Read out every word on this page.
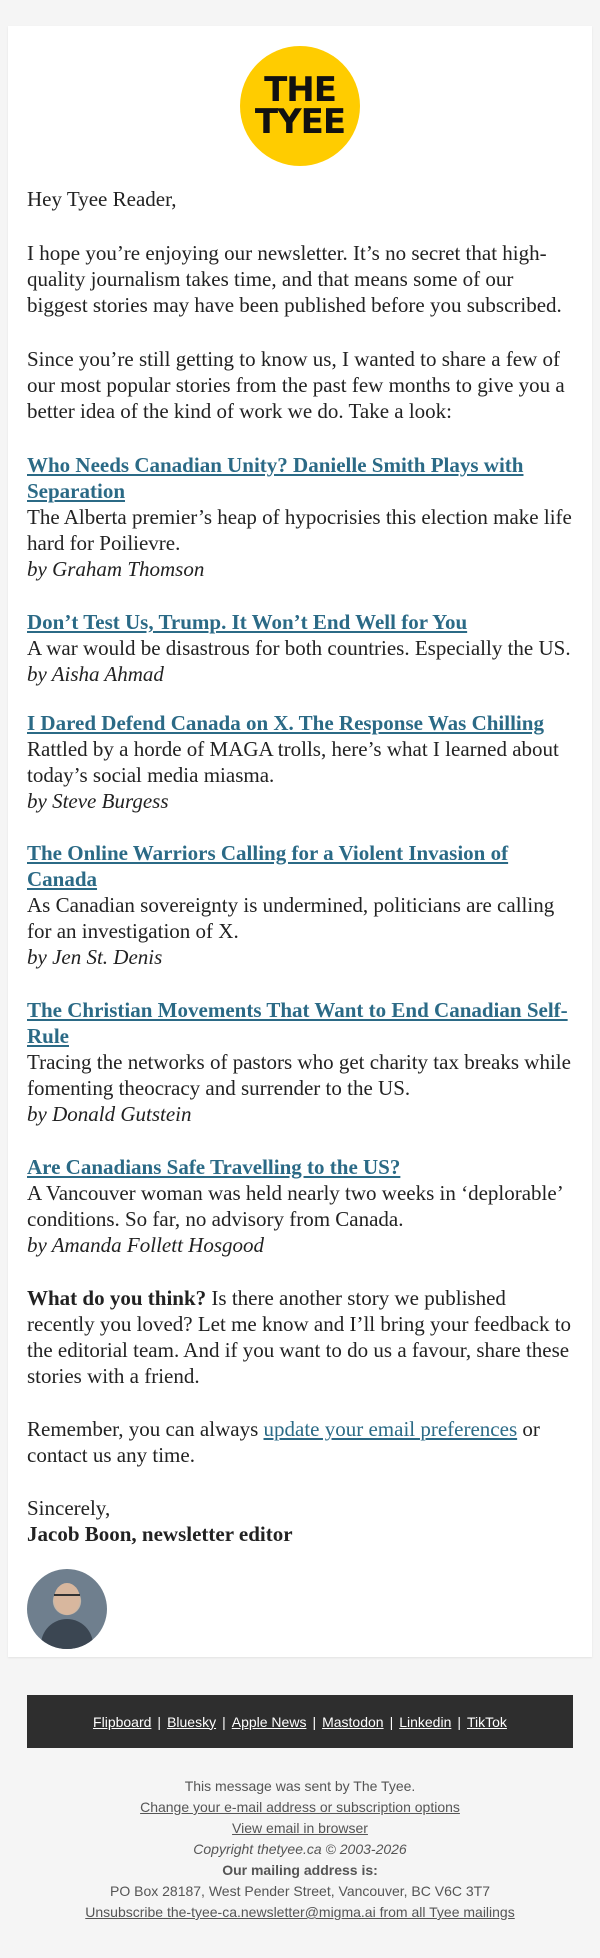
THE
TYEE

Hey Tyee Reader,

I hope you’re enjoying our newsletter. It’s no secret that high-quality journalism takes time, and that means some of our biggest stories may have been published before you subscribed.

Since you’re still getting to know us, I wanted to share a few of our most popular stories from the past few months to give you a better idea of the kind of work we do. Take a look:

Who Needs Canadian Unity? Danielle Smith Plays with Separation
The Alberta premier’s heap of hypocrisies this election make life hard for Poilievre.
by Graham Thomson
Don’t Test Us, Trump. It Won’t End Well for You
A war would be disastrous for both countries. Especially the US.
by Aisha Ahmad
I Dared Defend Canada on X. The Response Was Chilling
Rattled by a horde of MAGA trolls, here’s what I learned about today’s social media miasma.
by Steve Burgess
The Online Warriors Calling for a Violent Invasion of Canada
As Canadian sovereignty is undermined, politicians are calling for an investigation of X.
by Jen St. Denis
The Christian Movements That Want to End Canadian Self-Rule
Tracing the networks of pastors who get charity tax breaks while fomenting theocracy and surrender to the US.
by Donald Gutstein
Are Canadians Safe Travelling to the US?
A Vancouver woman was held nearly two weeks in ‘deplorable’ conditions. So far, no advisory from Canada.
by Amanda Follett Hosgood

What do you think? Is there another story we published recently you loved? Let me know and I’ll bring your feedback to the editorial team. And if you want to do us a favour, share these stories with a friend.

Remember, you can always update your email preferences or contact us any time.

Sincerely,

Jacob Boon, newsletter editor

Flipboard | Bluesky | Apple News | Mastodon | Linkedin | TikTok
This message was sent by The Tyee.
Change your e-mail address or subscription options
View email in browser
Copyright thetyee.ca © 2003-2026
Our mailing address is:
PO Box 28187, West Pender Street, Vancouver, BC V6C 3T7
Unsubscribe the-tyee-ca.newsletter@migma.ai from all Tyee mailings
